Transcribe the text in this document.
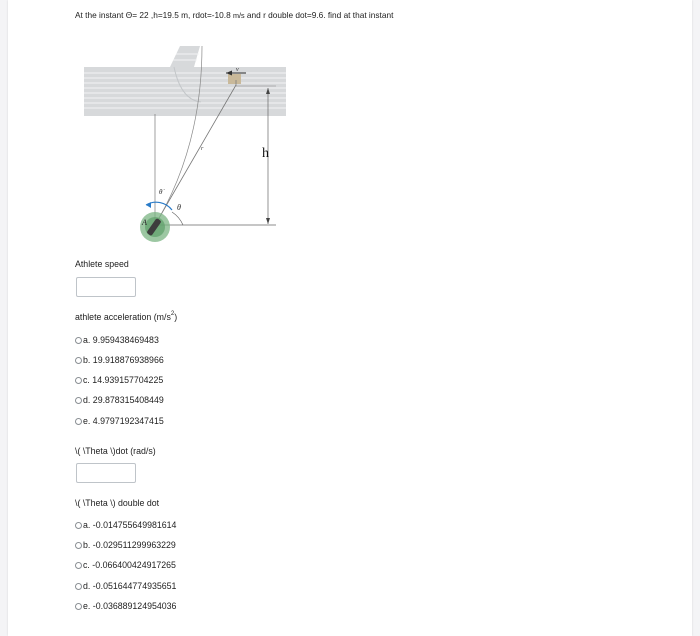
At the instant Θ= 22 ,h=19.5 m, rdot=-10.8 m/s and r double dot=9.6. find at that instant
v
h
r
θ
θ̇
A
Athlete speed
athlete acceleration $(m/s^2)$
a.
9.959438469483
b.
19.918876938966
c.
14.939157704225
d.
29.878315408449
e.
4.9797192347415
\( \Theta \)dot (rad/s)
\( \Theta \) double dot
a.
-0.014755649981614
b.
-0.029511299963229
c.
-0.066400424917265
d.
-0.051644774935651
e.
-0.036889124954036
